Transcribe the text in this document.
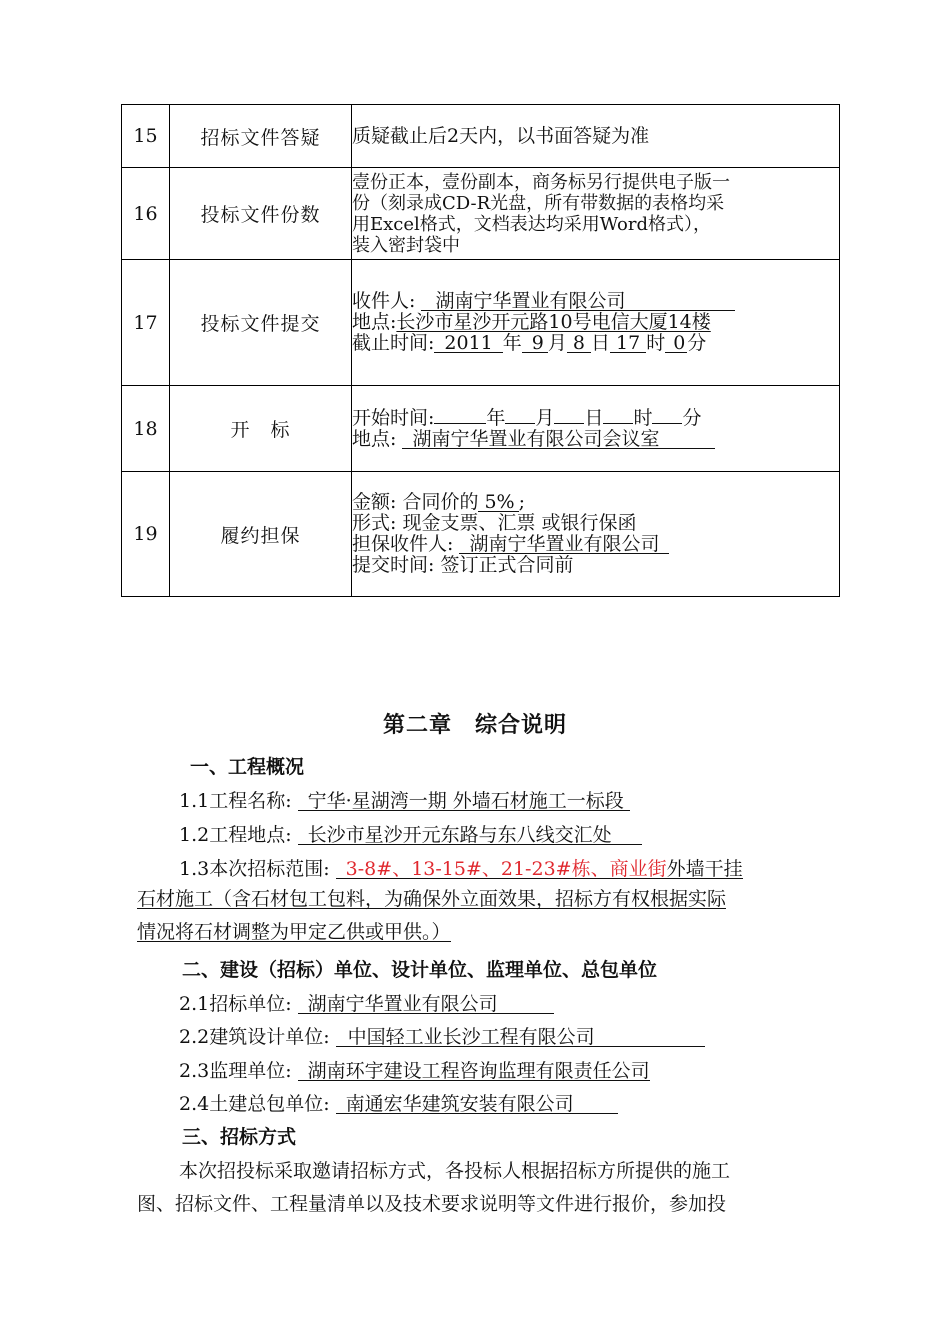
15	招标文件答疑	质疑截止后2天内，以书面答疑为准
16	投标文件份数	壹份正本，壹份副本，商务标另行提供电子版一
份（刻录成CD-R光盘，所有带数据的表格均采
用Excel格式，文档表达均采用Word格式），
装入密封袋中

17	投标文件提交	收件人: 湖南宁华置业有限公司
地点:长沙市星沙开元路10号电信大厦14楼
截止时间: 2011 年 9 月 8 日 17 时 0 分

18	开　标	开始时间: 年 月 日 时 分
地点: 湖南宁华置业有限公司会议室

19	履约担保	金额: 合同价的 5% ;
形式: 现金支票、汇票 或银行保函
担保收件人: 湖南宁华置业有限公司
提交时间: 签订正式合同前
第二章　综合说明
一、工程概况
1.1工程名称: 宁华·星湖湾一期 外墙石材施工一标段
1.2工程地点: 长沙市星沙开元东路与东八线交汇处
1.3本次招标范围: 3-8#、13-15#、21-23#栋、商业街外墙干挂
石材施工（含石材包工包料，为确保外立面效果，招标方有权根据实际
情况将石材调整为甲定乙供或甲供。）
二、建设（招标）单位、设计单位、监理单位、总包单位
2.1招标单位: 湖南宁华置业有限公司
2.2建筑设计单位: 中国轻工业长沙工程有限公司
2.3监理单位: 湖南环宇建设工程咨询监理有限责任公司
2.4土建总包单位: 南通宏华建筑安装有限公司
三、招标方式
本次招投标采取邀请招标方式，各投标人根据招标方所提供的施工
图、招标文件、工程量清单以及技术要求说明等文件进行报价，参加投
